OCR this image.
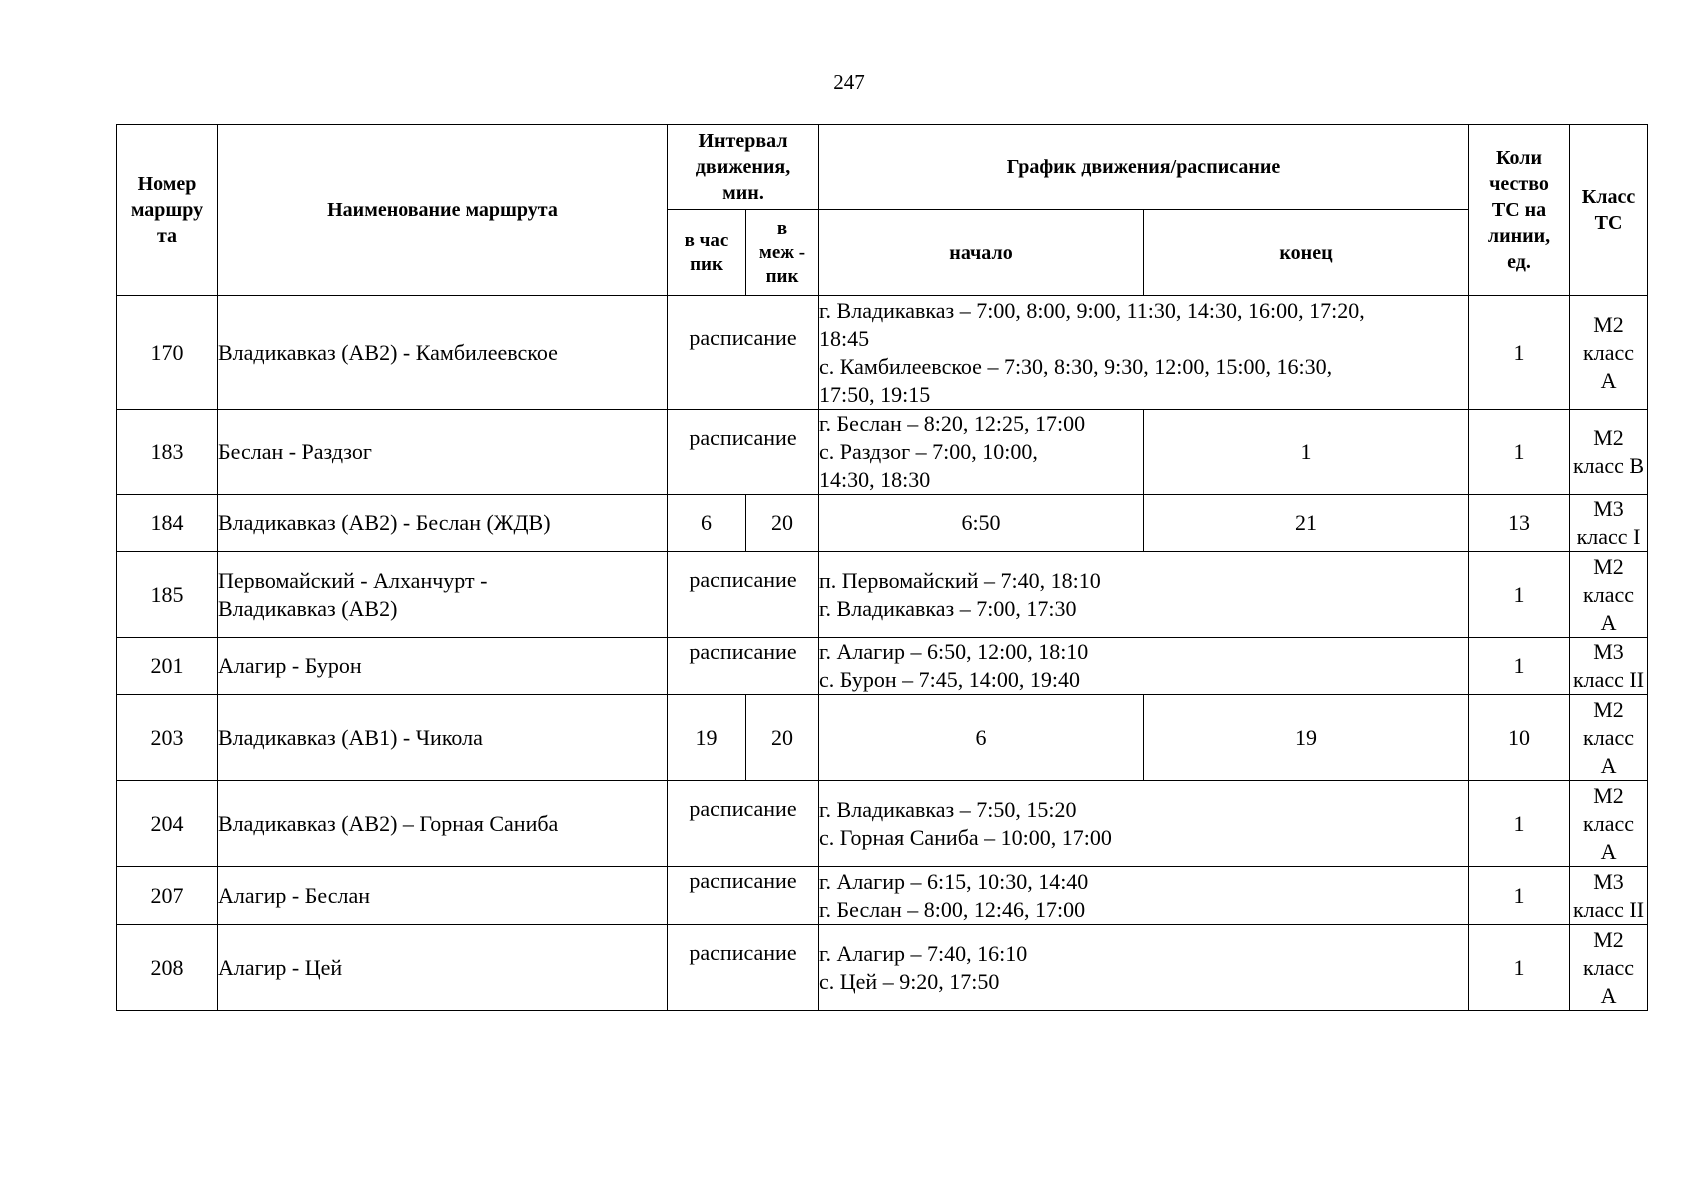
247
Номер
маршру
та	Наименование маршрута	Интервал
движения,
мин.		График движения/расписание		Коли
чество
ТС на
линии,
ед.	Класс
ТС

		в час
пик	в
меж -
пик	начало	конец		
170	Владикавказ (АВ2) - Камбилеевское	расписание		г. Владикавказ – 7:00, 8:00, 9:00, 11:30, 14:30, 16:00, 17:20,
18:45
с. Камбилеевское – 7:30, 8:30, 9:30, 12:00, 15:00, 16:30,
17:50, 19:15		1	М2
класс
А

183	Беслан - Раздзог	расписание		г. Беслан – 8:20, 12:25, 17:00
с. Раздзог – 7:00, 10:00,
14:30, 18:30	1	1	М2
класс В

184	Владикавказ (АВ2) - Беслан (ЖДВ)	6	20	6:50	21	13	М3
класс I

185	Первомайский - Алханчурт -
Владикавказ (АВ2)	расписание		п. Первомайский – 7:40, 18:10
г. Владикавказ – 7:00, 17:30		1	М2
класс
А

201	Алагир - Бурон	расписание		г. Алагир – 6:50, 12:00, 18:10
с. Бурон – 7:45, 14:00, 19:40		1	М3
класс II

203	Владикавказ (АВ1) - Чикола	19	20	6	19	10	М2
класс
А

204	Владикавказ (АВ2) – Горная Саниба	расписание		г. Владикавказ – 7:50, 15:20
с. Горная Саниба – 10:00, 17:00		1	М2
класс
А

207	Алагир - Беслан	расписание		г. Алагир – 6:15, 10:30, 14:40
г. Беслан – 8:00, 12:46, 17:00		1	М3
класс II

208	Алагир - Цей	расписание		г. Алагир – 7:40, 16:10
с. Цей – 9:20, 17:50		1	М2
класс
А
